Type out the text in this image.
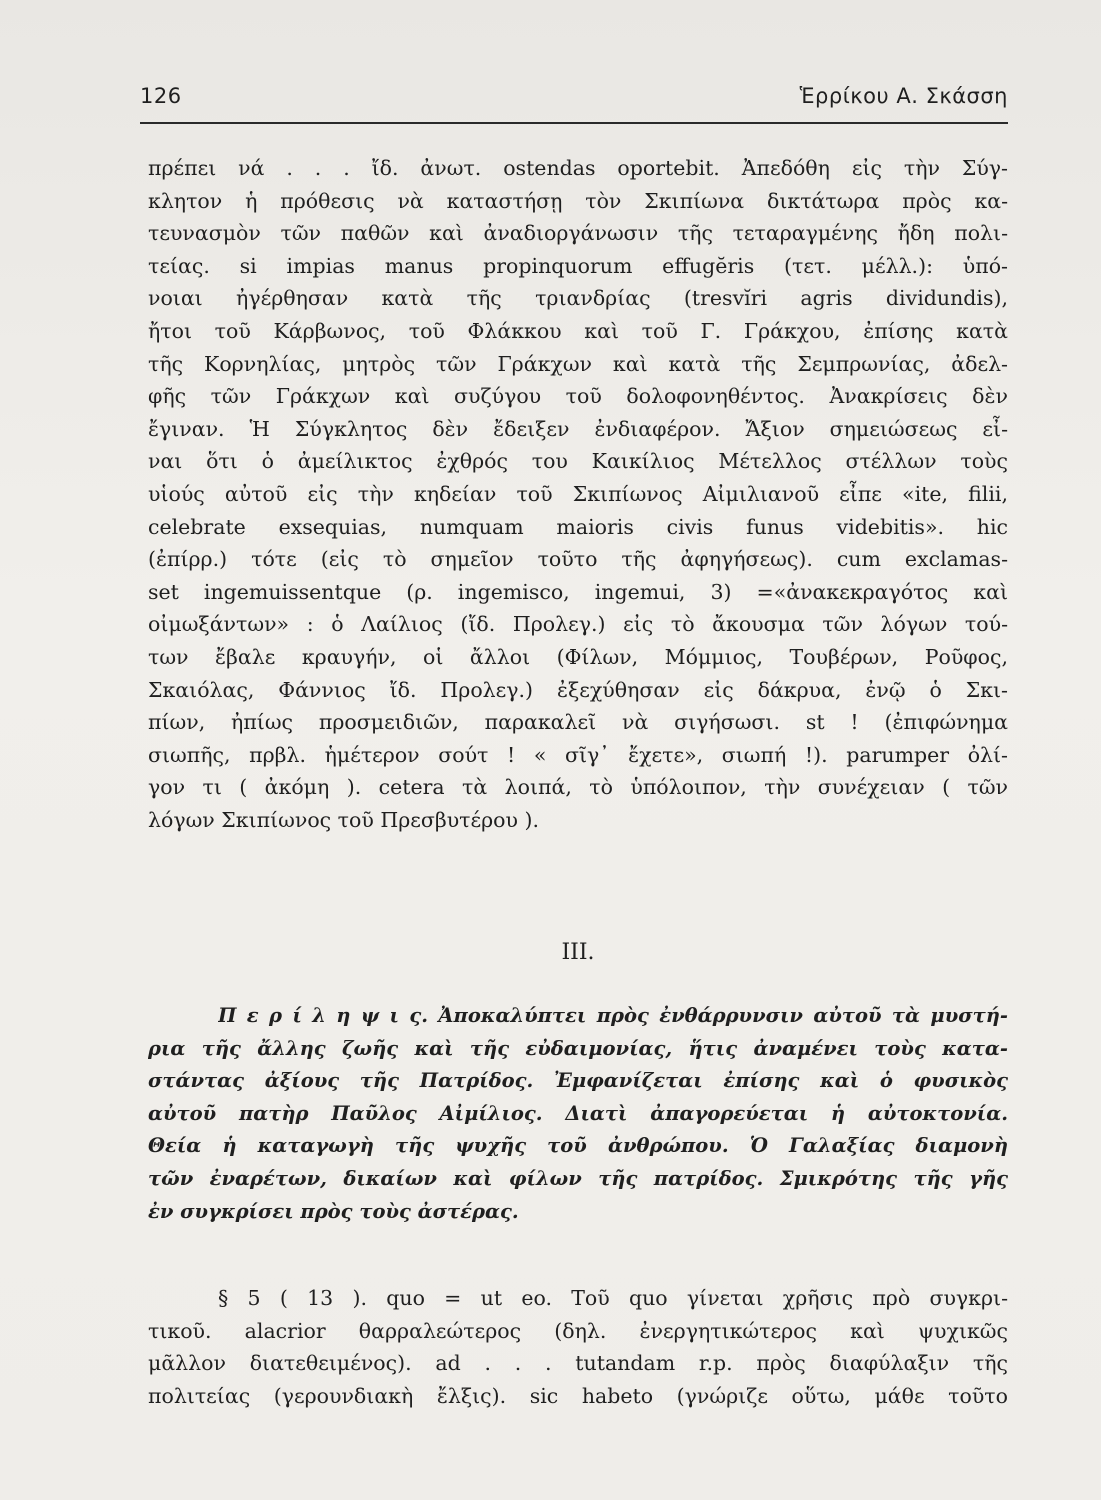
126	Ἑρρίκου Α. Σκάσση
πρέπει νά . . . ἴδ. ἀνωτ. ostendas oportebit. Ἀπεδόθη εἰς τὴν Σύγ-
κλητον ἡ πρόθεσις νὰ καταστήσῃ τὸν Σκιπίωνα δικτάτωρα πρὸς κα-
τευνασμὸν τῶν παθῶν καὶ ἀναδιοργάνωσιν τῆς τεταραγμένης ἤδη πολι-
τείας. si impias manus propinquorum effugĕris (τετ. μέλλ.): ὑπό-
νοιαι ἠγέρθησαν κατὰ τῆς τριανδρίας (tresvĭri agris dividundis),
ἤτοι τοῦ Κάρβωνος, τοῦ Φλάκκου καὶ τοῦ Γ. Γράκχου, ἐπίσης κατὰ
τῆς Κορνηλίας, μητρὸς τῶν Γράκχων καὶ κατὰ τῆς Σεμπρωνίας, ἀδελ-
φῆς τῶν Γράκχων καὶ συζύγου τοῦ δολοφονηθέντος. Ἀνακρίσεις δὲν
ἔγιναν. Ἡ Σύγκλητος δὲν ἔδειξεν ἐνδιαφέρον. Ἄξιον σημειώσεως εἶ-
ναι ὅτι ὁ ἀμείλικτος ἐχθρός του Καικίλιος Μέτελλος στέλλων τοὺς
υἱούς αὐτοῦ εἰς τὴν κηδείαν τοῦ Σκιπίωνος Αἰμιλιανοῦ εἶπε «ite, filii,
celebrate exsequias, numquam maioris civis funus videbitis». hic
(ἐπίρρ.) τότε (εἰς τὸ σημεῖον τοῦτο τῆς ἀφηγήσεως). cum exclamas-
set ingemuissentque (ρ. ingemisco, ingemui, 3) =«ἀνακεκραγότος καὶ
οἰμωξάντων» : ὁ Λαίλιος (ἴδ. Προλεγ.) εἰς τὸ ἄκουσμα τῶν λόγων τού-
των ἔβαλε κραυγήν, οἱ ἄλλοι (Φίλων, Μόμμιος, Τουβέρων, Ροῦφος,
Σκαιόλας, Φάννιος ἴδ. Προλεγ.) ἐξεχύθησαν εἰς δάκρυα, ἐνῷ ὁ Σκι-
πίων, ἠπίως προσμειδιῶν, παρακαλεῖ νὰ σιγήσωσι. st ! (ἐπιφώνημα
σιωπῆς, πρβλ. ἡμέτερον σούτ ! « σῖγ᾿ ἔχετε», σιωπή !). parumper ὀλί-
γον τι ( ἀκόμη ). cetera τὰ λοιπά, τὸ ὑπόλοιπον, τὴν συνέχειαν ( τῶν
λόγων Σκιπίωνος τοῦ Πρεσβυτέρου ).
III.
Π ε ρ ί λ η ψ ι ς. Ἀποκαλύπτει πρὸς ἐνθάρρυνσιν αὐτοῦ τὰ μυστή-
ρια τῆς ἄλλης ζωῆς καὶ τῆς εὐδαιμονίας, ἥτις ἀναμένει τοὺς κατα-
στάντας ἀξίους τῆς Πατρίδος. Ἐμφανίζεται ἐπίσης καὶ ὁ φυσικὸς
αὐτοῦ πατὴρ Παῦλος Αἰμίλιος. Διατὶ ἀπαγορεύεται ἡ αὐτοκτονία.
Θεία ἡ καταγωγὴ τῆς ψυχῆς τοῦ ἀνθρώπου. Ὁ Γαλαξίας διαμονὴ
τῶν ἐναρέτων, δικαίων καὶ φίλων τῆς πατρίδος. Σμικρότης τῆς γῆς
ἐν συγκρίσει πρὸς τοὺς ἀστέρας.
§ 5 ( 13 ). quo = ut eo. Τοῦ quo γίνεται χρῆσις πρὸ συγκρι-
τικοῦ. alacrior θαρραλεώτερος (δηλ. ἐνεργητικώτερος καὶ ψυχικῶς
μᾶλλον διατεθειμένος). ad . . . tutandam r.p. πρὸς διαφύλαξιν τῆς
πολιτείας (γερουνδιακὴ ἔλξις). sic habeto (γνώριζε οὕτω, μάθε τοῦτο
